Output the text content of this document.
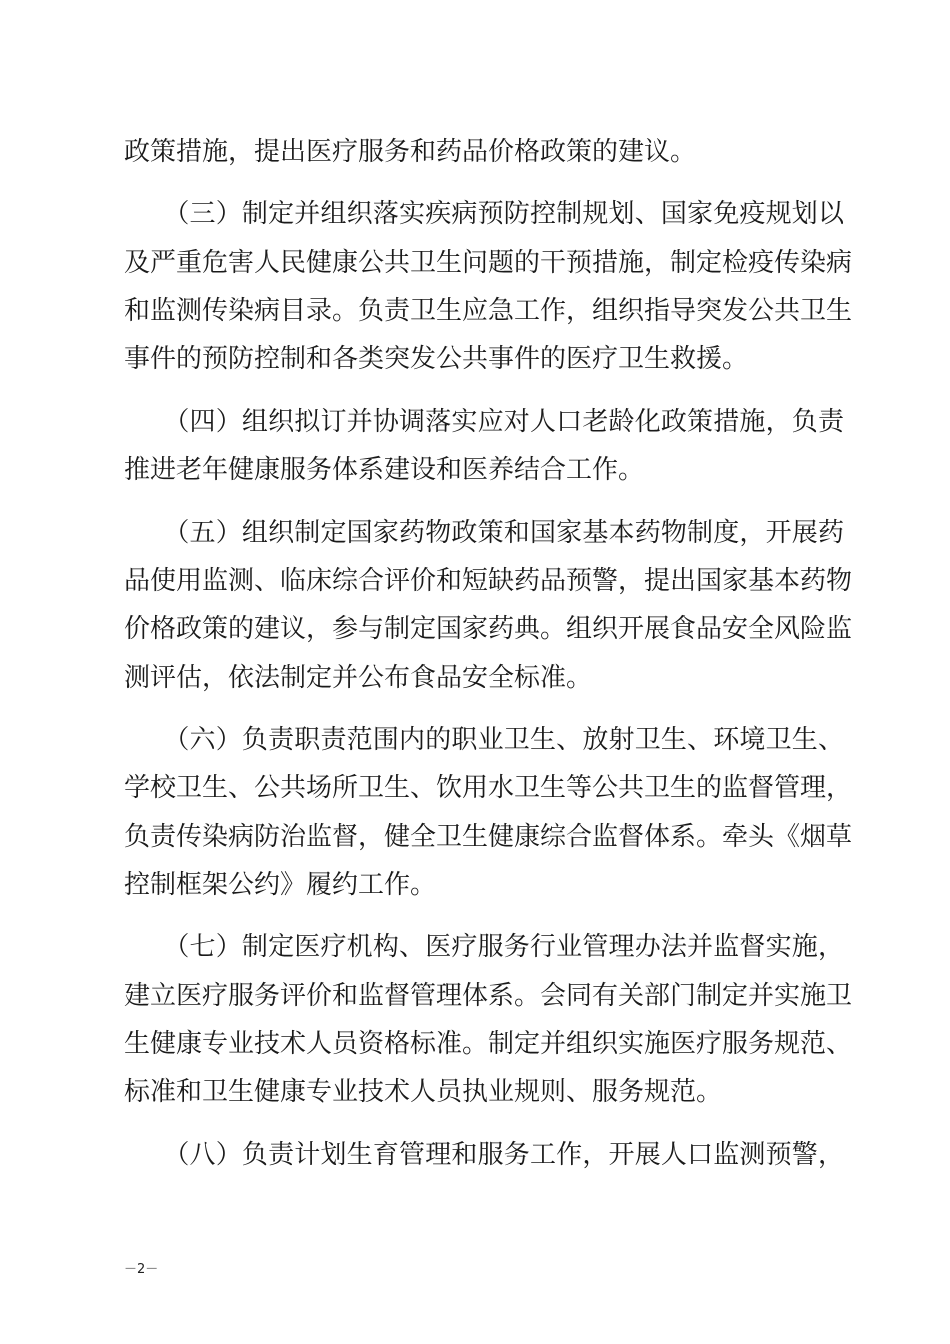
政策措施，提出医疗服务和药品价格政策的建议。
　　（三）制定并组织落实疾病预防控制规划、国家免疫规划以
及严重危害人民健康公共卫生问题的干预措施，制定检疫传染病
和监测传染病目录。负责卫生应急工作，组织指导突发公共卫生
事件的预防控制和各类突发公共事件的医疗卫生救援。
　　（四）组织拟订并协调落实应对人口老龄化政策措施，负责
推进老年健康服务体系建设和医养结合工作。
　　（五）组织制定国家药物政策和国家基本药物制度，开展药
品使用监测、临床综合评价和短缺药品预警，提出国家基本药物
价格政策的建议，参与制定国家药典。组织开展食品安全风险监
测评估，依法制定并公布食品安全标准。
　　（六）负责职责范围内的职业卫生、放射卫生、环境卫生、
学校卫生、公共场所卫生、饮用水卫生等公共卫生的监督管理，
负责传染病防治监督，健全卫生健康综合监督体系。牵头《烟草
控制框架公约》履约工作。
　　（七）制定医疗机构、医疗服务行业管理办法并监督实施，
建立医疗服务评价和监督管理体系。会同有关部门制定并实施卫
生健康专业技术人员资格标准。制定并组织实施医疗服务规范、
标准和卫生健康专业技术人员执业规则、服务规范。
　　（八）负责计划生育管理和服务工作，开展人口监测预警，
－2－
